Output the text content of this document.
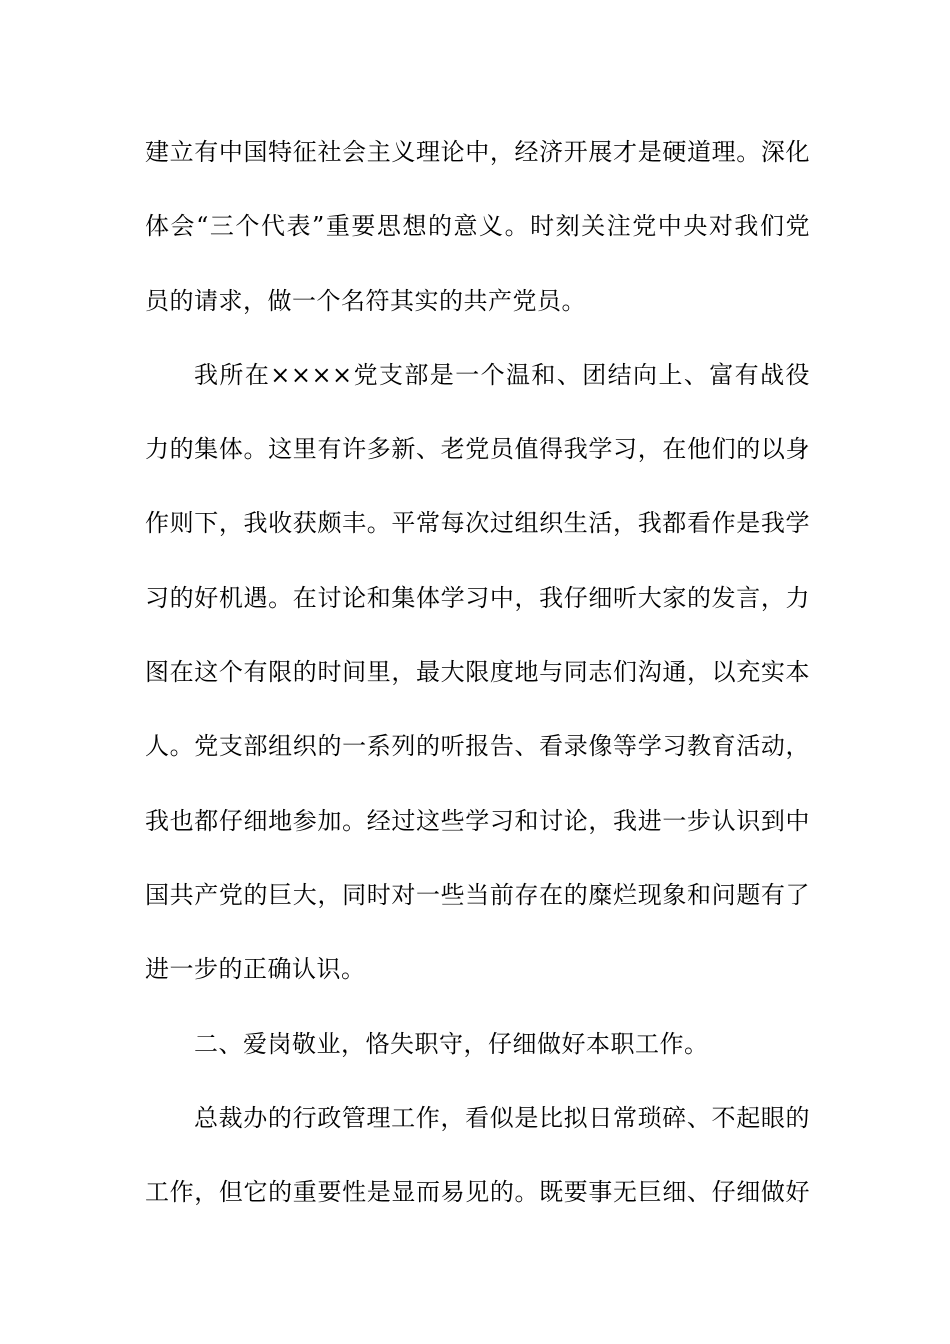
建立有中国特征社会主义理论中，经济开展才是硬道理。深化
体会“三个代表”重要思想的意义。时刻关注党中央对我们党
员的请求，做一个名符其实的共产党员。
我所在××××党支部是一个温和、团结向上、富有战役
力的集体。这里有许多新、老党员值得我学习，在他们的以身
作则下，我收获颇丰。平常每次过组织生活，我都看作是我学
习的好机遇。在讨论和集体学习中，我仔细听大家的发言，力
图在这个有限的时间里，最大限度地与同志们沟通，以充实本
人。党支部组织的一系列的听报告、看录像等学习教育活动，
我也都仔细地参加。经过这些学习和讨论，我进一步认识到中
国共产党的巨大，同时对一些当前存在的糜烂现象和问题有了
进一步的正确认识。
二、爱岗敬业，恪失职守，仔细做好本职工作。
总裁办的行政管理工作，看似是比拟日常琐碎、不起眼的
工作，但它的重要性是显而易见的。既要事无巨细、仔细做好
